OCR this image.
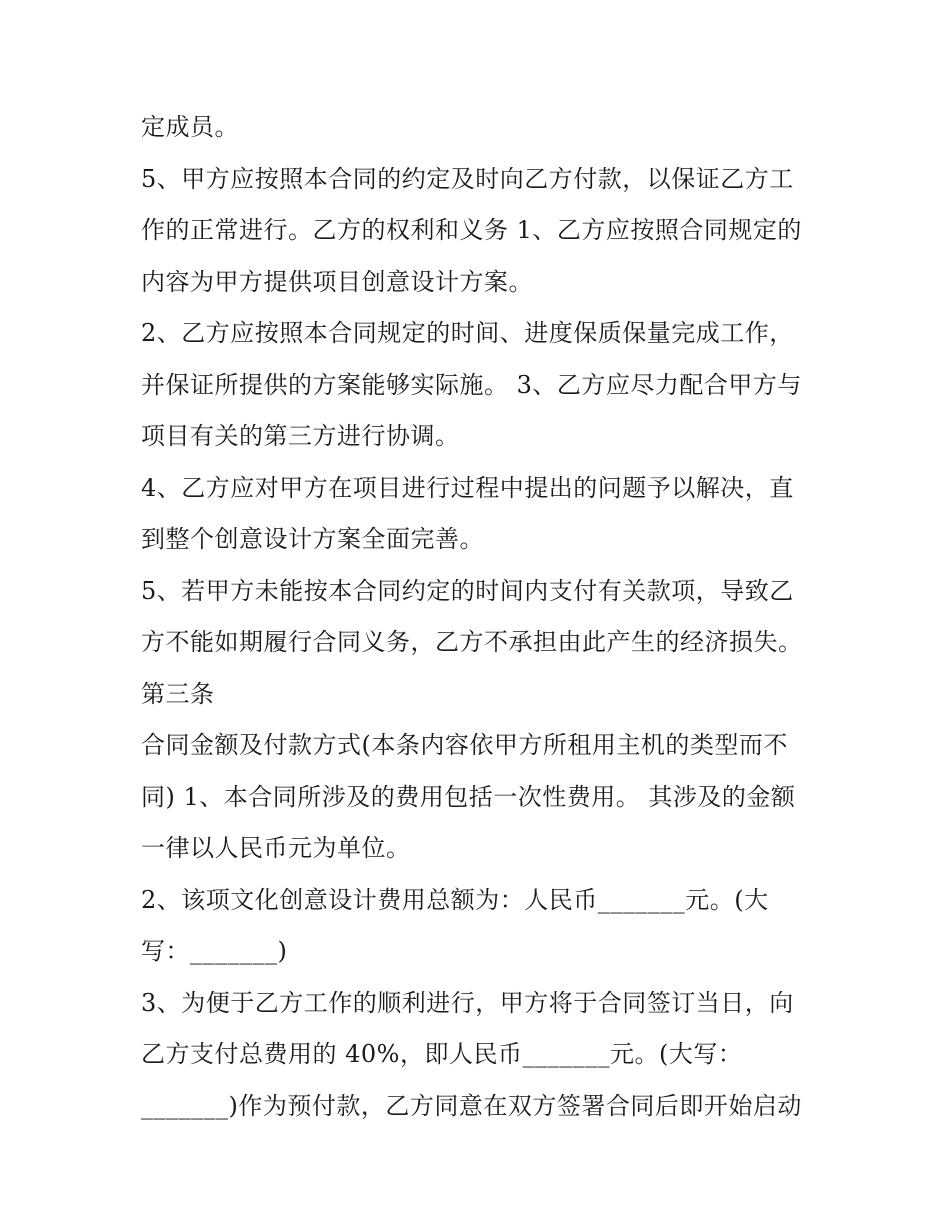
定成员。
5、甲方应按照本合同的约定及时向乙方付款，以保证乙方工
作的正常进行。乙方的权利和义务 1、乙方应按照合同规定的
内容为甲方提供项目创意设计方案。
2、乙方应按照本合同规定的时间、进度保质保量完成工作，
并保证所提供的方案能够实际施。 3、乙方应尽力配合甲方与
项目有关的第三方进行协调。
4、乙方应对甲方在项目进行过程中提出的问题予以解决，直
到整个创意设计方案全面完善。
5、若甲方未能按本合同约定的时间内支付有关款项，导致乙
方不能如期履行合同义务，乙方不承担由此产生的经济损失。
第三条
合同金额及付款方式(本条内容依甲方所租用主机的类型而不
同) 1、本合同所涉及的费用包括一次性费用。 其涉及的金额
一律以人民币元为单位。
2、该项文化创意设计费用总额为：人民币_______元。(大
写：_______)
3、为便于乙方工作的顺利进行，甲方将于合同签订当日，向
乙方支付总费用的 40%，即人民币_______元。(大写：
_______)作为预付款，乙方同意在双方签署合同后即开始启动
